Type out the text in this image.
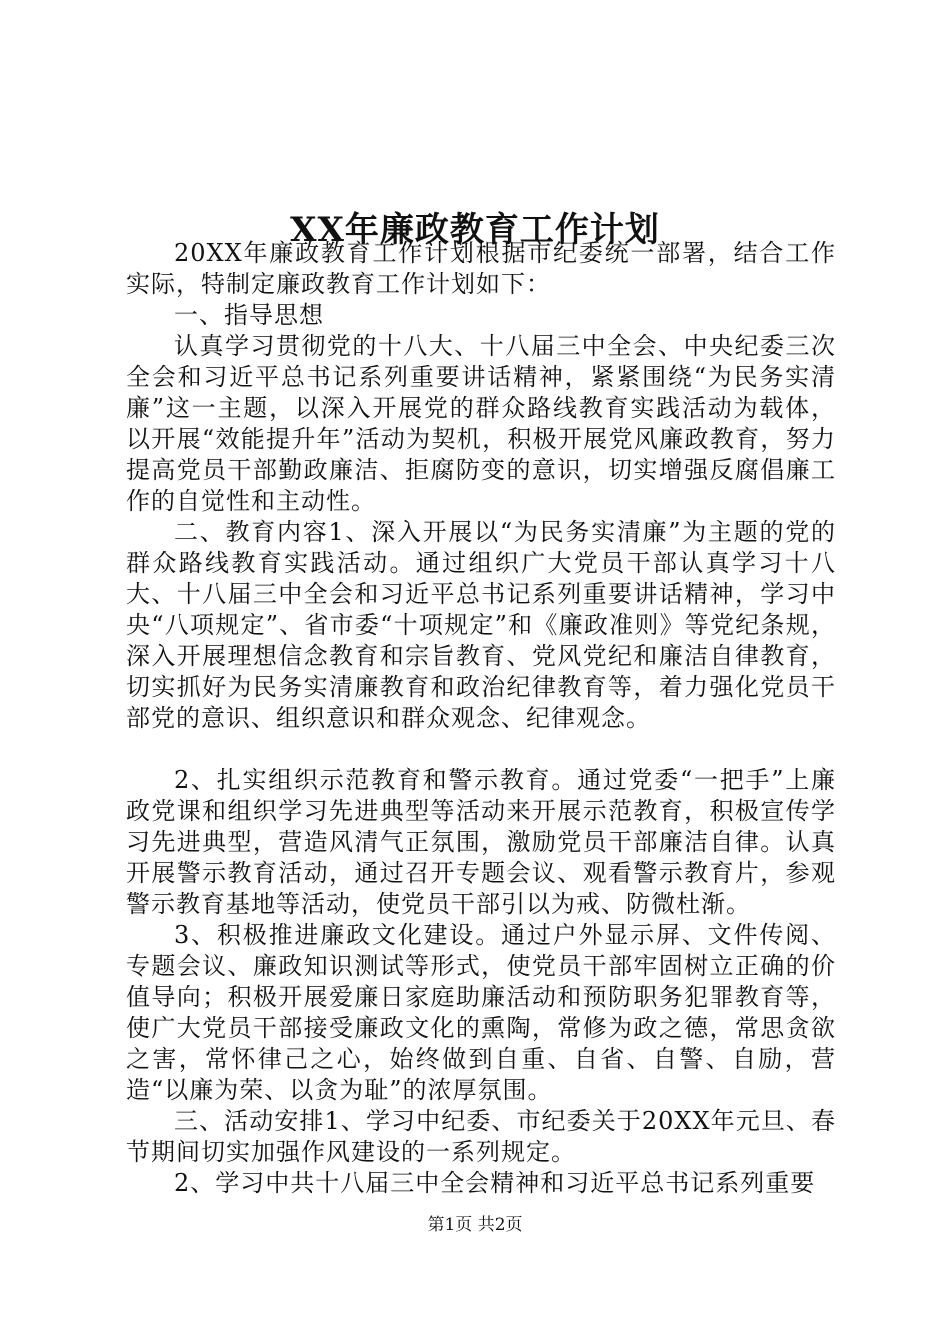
XX年廉政教育工作计划

20XX年廉政教育工作计划根据市纪委统一部署，结合工作实际，特制定廉政教育工作计划如下：

一、指导思想

认真学习贯彻党的十八大、十八届三中全会、中央纪委三次全会和习近平总书记系列重要讲话精神，紧紧围绕“为民务实清廉”这一主题，以深入开展党的群众路线教育实践活动为载体，以开展“效能提升年”活动为契机，积极开展党风廉政教育，努力提高党员干部勤政廉洁、拒腐防变的意识，切实增强反腐倡廉工作的自觉性和主动性。

二、教育内容1、深入开展以“为民务实清廉”为主题的党的群众路线教育实践活动。通过组织广大党员干部认真学习十八大、十八届三中全会和习近平总书记系列重要讲话精神，学习中央“八项规定”、省市委“十项规定”和《廉政准则》等党纪条规，深入开展理想信念教育和宗旨教育、党风党纪和廉洁自律教育，切实抓好为民务实清廉教育和政治纪律教育等，着力强化党员干部党的意识、组织意识和群众观念、纪律观念。

2、扎实组织示范教育和警示教育。通过党委“一把手”上廉政党课和组织学习先进典型等活动来开展示范教育，积极宣传学习先进典型，营造风清气正氛围，激励党员干部廉洁自律。认真开展警示教育活动，通过召开专题会议、观看警示教育片，参观警示教育基地等活动，使党员干部引以为戒、防微杜渐。

3、积极推进廉政文化建设。通过户外显示屏、文件传阅、专题会议、廉政知识测试等形式，使党员干部牢固树立正确的价值导向；积极开展爱廉日家庭助廉活动和预防职务犯罪教育等，使广大党员干部接受廉政文化的熏陶，常修为政之德，常思贪欲之害，常怀律己之心，始终做到自重、自省、自警、自励，营造“以廉为荣、以贪为耻”的浓厚氛围。

三、活动安排1、学习中纪委、市纪委关于20XX年元旦、春节期间切实加强作风建设的一系列规定。

2、学习中共十八届三中全会精神和习近平总书记系列重要

第1页 共2页
